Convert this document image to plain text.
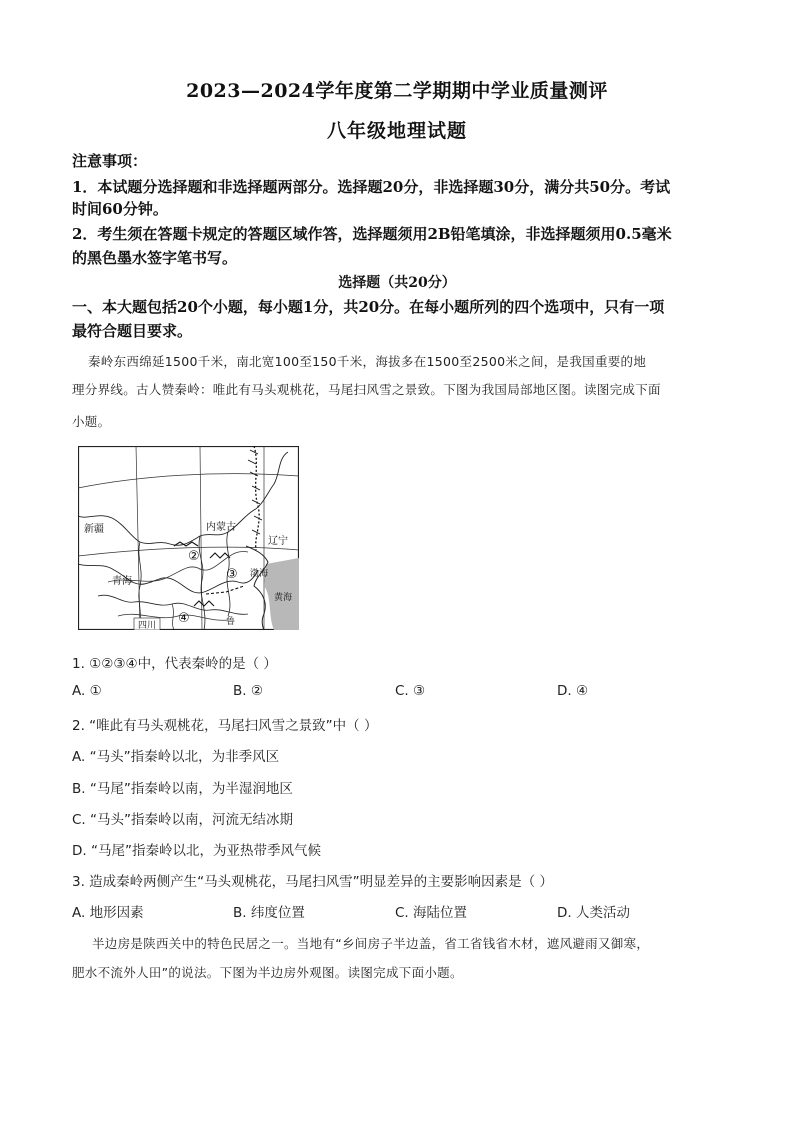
2023—2024学年度第二学期期中学业质量测评
八年级地理试题
注意事项：
1．本试题分选择题和非选择题两部分。选择题20分，非选择题30分，满分共50分。考试
时间60分钟。
2．考生须在答题卡规定的答题区域作答，选择题须用2B铅笔填涂，非选择题须用0.5毫米
的黑色墨水签字笔书写。
选择题（共20分）
一、本大题包括20个小题，每小题1分，共20分。在每小题所列的四个选项中，只有一项
最符合题目要求。
秦岭东西绵延1500千米，南北宽100至150千米，海拔多在1500至2500米之间，是我国重要的地
理分界线。古人赞秦岭：唯此有马头观桃花，马尾扫风雪之景致。下图为我国局部地区图。读图完成下面
小题。
新疆	内蒙古
辽宁
青海
渤海
黄海
四川	鲁
②
③
④
1. ①②③④中，代表秦岭的是（ ）
A. ①	B. ②	C. ③	D. ④
2. “唯此有马头观桃花，马尾扫风雪之景致”中（ ）
A. “马头”指秦岭以北，为非季风区
B. “马尾”指秦岭以南，为半湿润地区
C. “马头”指秦岭以南，河流无结冰期
D. “马尾”指秦岭以北，为亚热带季风气候
3. 造成秦岭两侧产生“马头观桃花，马尾扫风雪”明显差异的主要影响因素是（ ）
A. 地形因素	B. 纬度位置	C. 海陆位置	D. 人类活动
半边房是陕西关中的特色民居之一。当地有“乡间房子半边盖，省工省钱省木材，遮风避雨又御寒，
肥水不流外人田”的说法。下图为半边房外观图。读图完成下面小题。
